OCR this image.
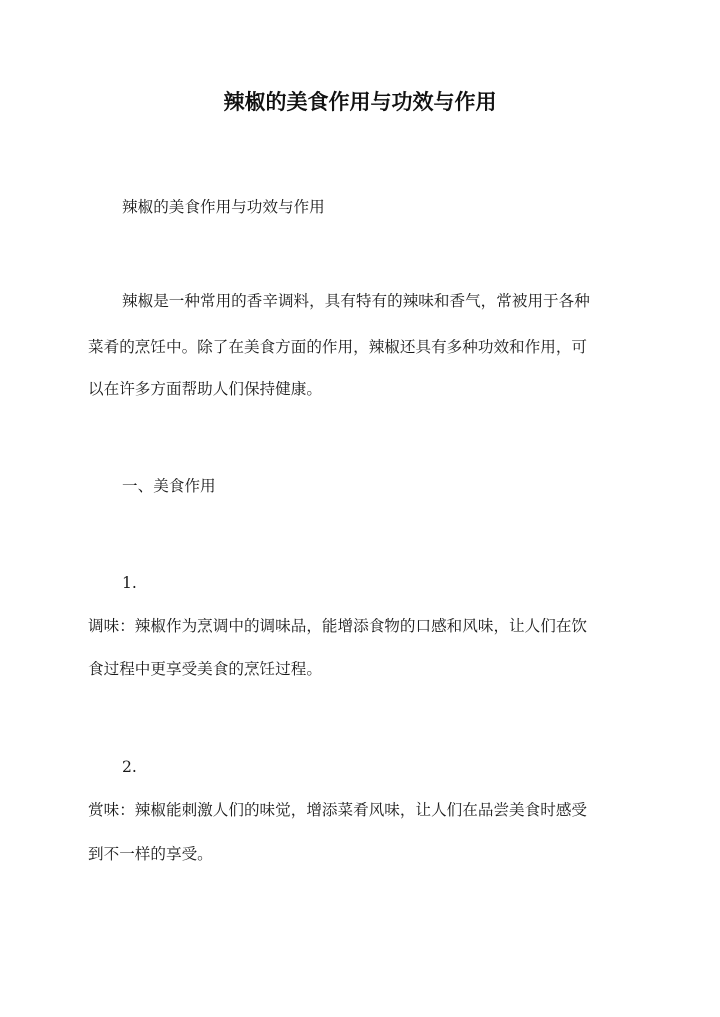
辣椒的美食作用与功效与作用
辣椒的美食作用与功效与作用
辣椒是一种常用的香辛调料，具有特有的辣味和香气，常被用于各种
菜肴的烹饪中。除了在美食方面的作用，辣椒还具有多种功效和作用，可
以在许多方面帮助人们保持健康。
一、美食作用
1.
调味：辣椒作为烹调中的调味品，能增添食物的口感和风味，让人们在饮
食过程中更享受美食的烹饪过程。
2.
赏味：辣椒能刺激人们的味觉，增添菜肴风味，让人们在品尝美食时感受
到不一样的享受。
